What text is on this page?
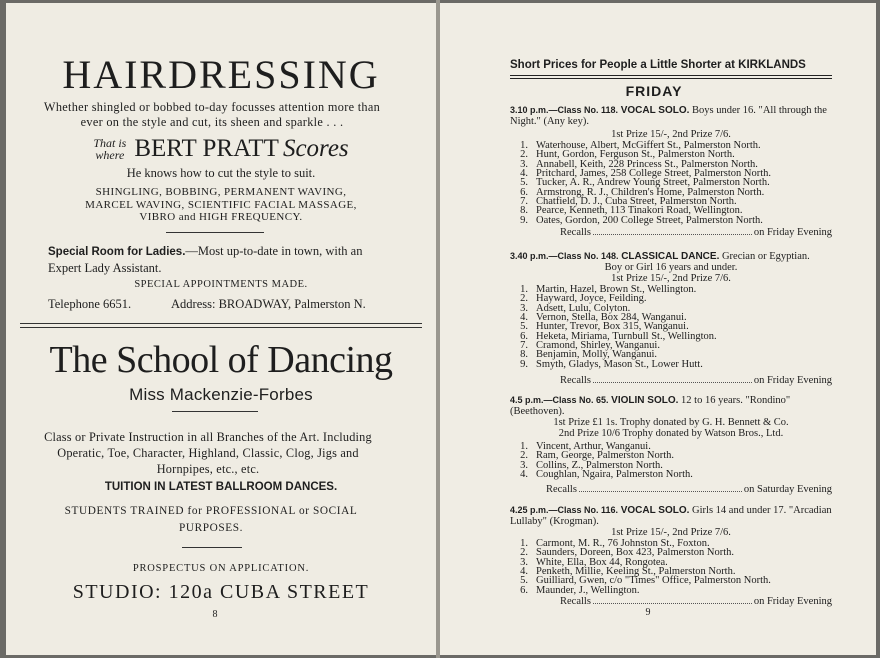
HAIRDRESSING
Whether shingled or bobbed to-day focusses attention more than ever on the style and cut, its sheen and sparkle . . .
That is
where BERT PRATT Scores
He knows how to cut the style to suit.
SHINGLING, BOBBING, PERMANENT WAVING,
MARCEL WAVING, SCIENTIFIC FACIAL MASSAGE,
VIBRO and HIGH FREQUENCY.
Special Room for Ladies.—Most up-to-date in town, with an Expert Lady Assistant.
SPECIAL APPOINTMENTS MADE.
Telephone 6651.	Address: BROADWAY, Palmerston N.
The School of Dancing
Miss Mackenzie-Forbes
Class or Private Instruction in all Branches of the Art. Including Operatic, Toe, Character, Highland, Classic, Clog, Jigs and Hornpipes, etc., etc.
TUITION IN LATEST BALLROOM DANCES.
STUDENTS TRAINED for PROFESSIONAL or SOCIAL PURPOSES.
PROSPECTUS ON APPLICATION.
STUDIO: 120a CUBA STREET
8
Short Prices for People a Little Shorter at KIRKLANDS
FRIDAY
3.10 p.m.—Class No. 118. VOCAL SOLO. Boys under 16. "All through the Night." (Any key).
1st Prize 15/-, 2nd Prize 7/6.
1. Waterhouse, Albert, McGiffert St., Palmerston North.
2. Hunt, Gordon, Ferguson St., Palmerston North.
3. Annabell, Keith, 228 Princess St., Palmerston North.
4. Pritchard, James, 258 College Street, Palmerston North.
5. Tucker, A. R., Andrew Young Street, Palmerston North.
6. Armstrong, R. J., Children's Home, Palmerston North.
7. Chatfield, D. J., Cuba Street, Palmerston North.
8. Pearce, Kenneth, 113 Tinakori Road, Wellington.
9. Oates, Gordon, 200 College Street, Palmerston North.
Recalls	on Friday Evening
3.40 p.m.—Class No. 148. CLASSICAL DANCE. Grecian or Egyptian.
Boy or Girl 16 years and under.
1st Prize 15/-, 2nd Prize 7/6.
1. Martin, Hazel, Brown St., Wellington.
2. Hayward, Joyce, Feilding.
3. Adsett, Lulu, Colyton.
4. Vernon, Stella, Box 284, Wanganui.
5. Hunter, Trevor, Box 315, Wanganui.
6. Heketa, Miriama, Turnbull St., Wellington.
7. Cramond, Shirley, Wanganui.
8. Benjamin, Molly, Wanganui.
9. Smyth, Gladys, Mason St., Lower Hutt.
Recalls	on Friday Evening
4.5 p.m.—Class No. 65. VIOLIN SOLO. 12 to 16 years. "Rondino" (Beethoven).
1st Prize £1 1s. Trophy donated by G. H. Bennett & Co.
2nd Prize 10/6 Trophy donated by Watson Bros., Ltd.
1. Vincent, Arthur, Wanganui.
2. Ram, George, Palmerston North.
3. Collins, Z., Palmerston North.
4. Coughlan, Ngaira, Palmerston North.
Recalls	on Saturday Evening
4.25 p.m.—Class No. 116. VOCAL SOLO. Girls 14 and under 17. "Arcadian Lullaby" (Krogman).
1st Prize 15/-, 2nd Prize 7/6.
1. Carmont, M. R., 76 Johnston St., Foxton.
2. Saunders, Doreen, Box 423, Palmerston North.
3. White, Ella, Box 44, Rongotea.
4. Penketh, Millie, Keeling St., Palmerston North.
5. Guilliard, Gwen, c/o "Times" Office, Palmerston North.
6. Maunder, J., Wellington.
Recalls	on Friday Evening
9
